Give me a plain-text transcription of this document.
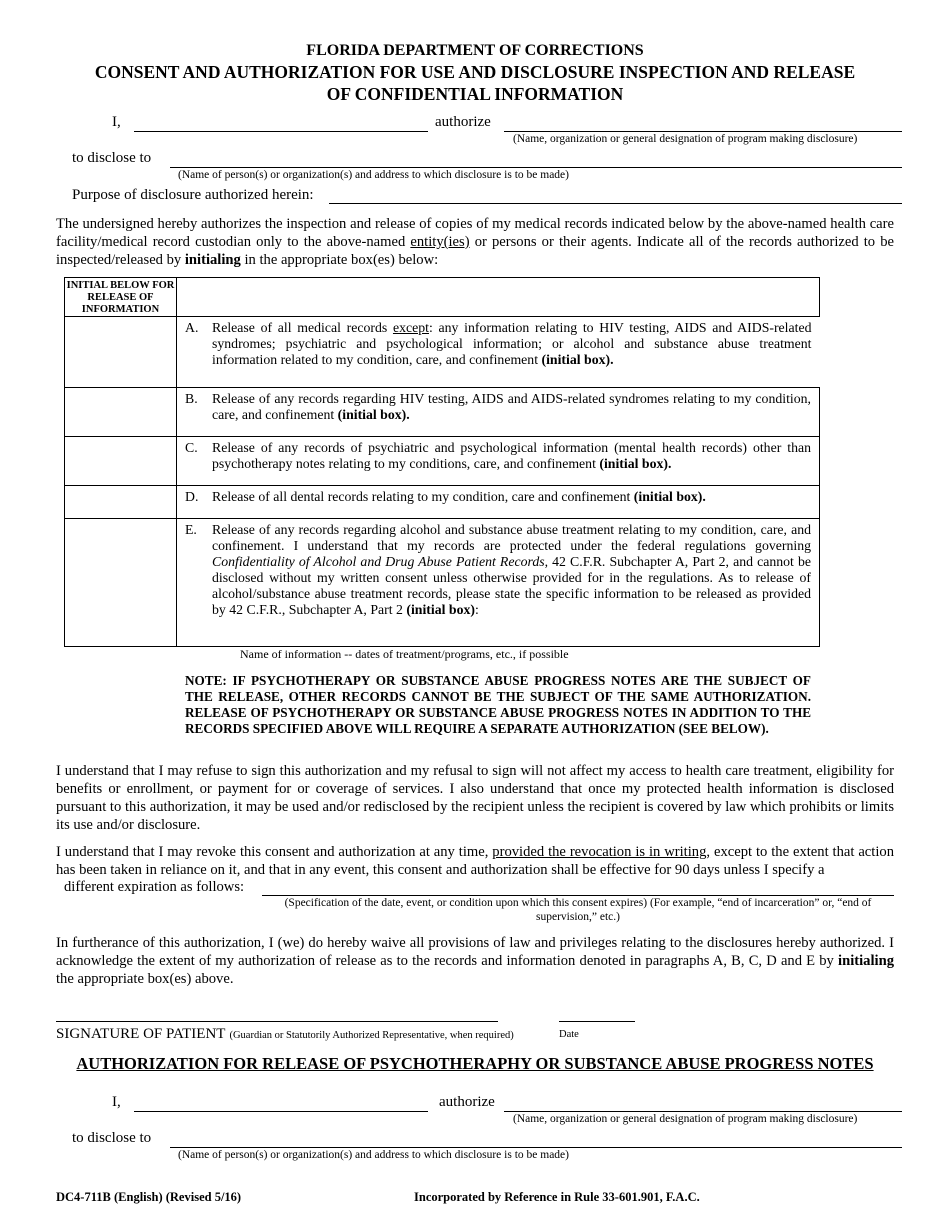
FLORIDA DEPARTMENT OF CORRECTIONS
CONSENT AND AUTHORIZATION FOR USE AND DISCLOSURE INSPECTION AND RELEASE
OF CONFIDENTIAL INFORMATION
I,	authorize
(Name, organization or general designation of program making disclosure)
to disclose to
(Name of person(s) or organization(s) and address to which disclosure is to be made)
Purpose of disclosure authorized herein:
The undersigned hereby authorizes the inspection and release of copies of my medical records indicated below by the above-named health care facility/medical record custodian only to the above-named entity(ies) or persons or their agents. Indicate all of the records authorized to be inspected/released by initialing in the appropriate box(es) below:
INITIAL BELOW FOR RELEASE OF INFORMATION	

	A. Release of all medical records except: any information relating to HIV testing, AIDS and AIDS-related syndromes; psychiatric and psychological information; or alcohol and substance abuse treatment information related to my condition, care, and confinement (initial box).

	B. Release of any records regarding HIV testing, AIDS and AIDS-related syndromes relating to my condition, care, and confinement (initial box).

	C. Release of any records of psychiatric and psychological information (mental health records) other than psychotherapy notes relating to my conditions, care, and confinement (initial box).

	D. Release of all dental records relating to my condition, care and confinement (initial box).

	E. Release of any records regarding alcohol and substance abuse treatment relating to my condition, care, and confinement. I understand that my records are protected under the federal regulations governing Confidentiality of Alcohol and Drug Abuse Patient Records, 42 C.F.R. Subchapter A, Part 2, and cannot be disclosed without my written consent unless otherwise provided for in the regulations. As to release of alcohol/substance abuse treatment records, please state the specific information to be released as provided by 42 C.F.R., Subchapter A, Part 2 (initial box):
Name of information -- dates of treatment/programs, etc., if possible
NOTE: IF PSYCHOTHERAPY OR SUBSTANCE ABUSE PROGRESS NOTES ARE THE SUBJECT OF THE RELEASE, OTHER RECORDS CANNOT BE THE SUBJECT OF THE SAME AUTHORIZATION. RELEASE OF PSYCHOTHERAPY OR SUBSTANCE ABUSE PROGRESS NOTES IN ADDITION TO THE RECORDS SPECIFIED ABOVE WILL REQUIRE A SEPARATE AUTHORIZATION (SEE BELOW).
I understand that I may refuse to sign this authorization and my refusal to sign will not affect my access to health care treatment, eligibility for benefits or enrollment, or payment for or coverage of services. I also understand that once my protected health information is disclosed pursuant to this authorization, it may be used and/or redisclosed by the recipient unless the recipient is covered by law which prohibits or limits its use and/or disclosure.
I understand that I may revoke this consent and authorization at any time, provided the revocation is in writing, except to the extent that action has been taken in reliance on it, and that in any event, this consent and authorization shall be effective for 90 days unless I specify a
different expiration as follows:
(Specification of the date, event, or condition upon which this consent expires) (For example, “end of incarceration” or, “end of supervision,” etc.)
In furtherance of this authorization, I (we) do hereby waive all provisions of law and privileges relating to the disclosures hereby authorized. I acknowledge the extent of my authorization of release as to the records and information denoted in paragraphs A, B, C, D and E by initialing the appropriate box(es) above.
SIGNATURE OF PATIENT (Guardian or Statutorily Authorized Representative, when required)	Date
AUTHORIZATION FOR RELEASE OF PSYCHOTHERAPHY OR SUBSTANCE ABUSE PROGRESS NOTES
I,	authorize
(Name, organization or general designation of program making disclosure)
to disclose to
(Name of person(s) or organization(s) and address to which disclosure is to be made)
DC4-711B (English) (Revised 5/16)	Incorporated by Reference in Rule 33-601.901, F.A.C.
